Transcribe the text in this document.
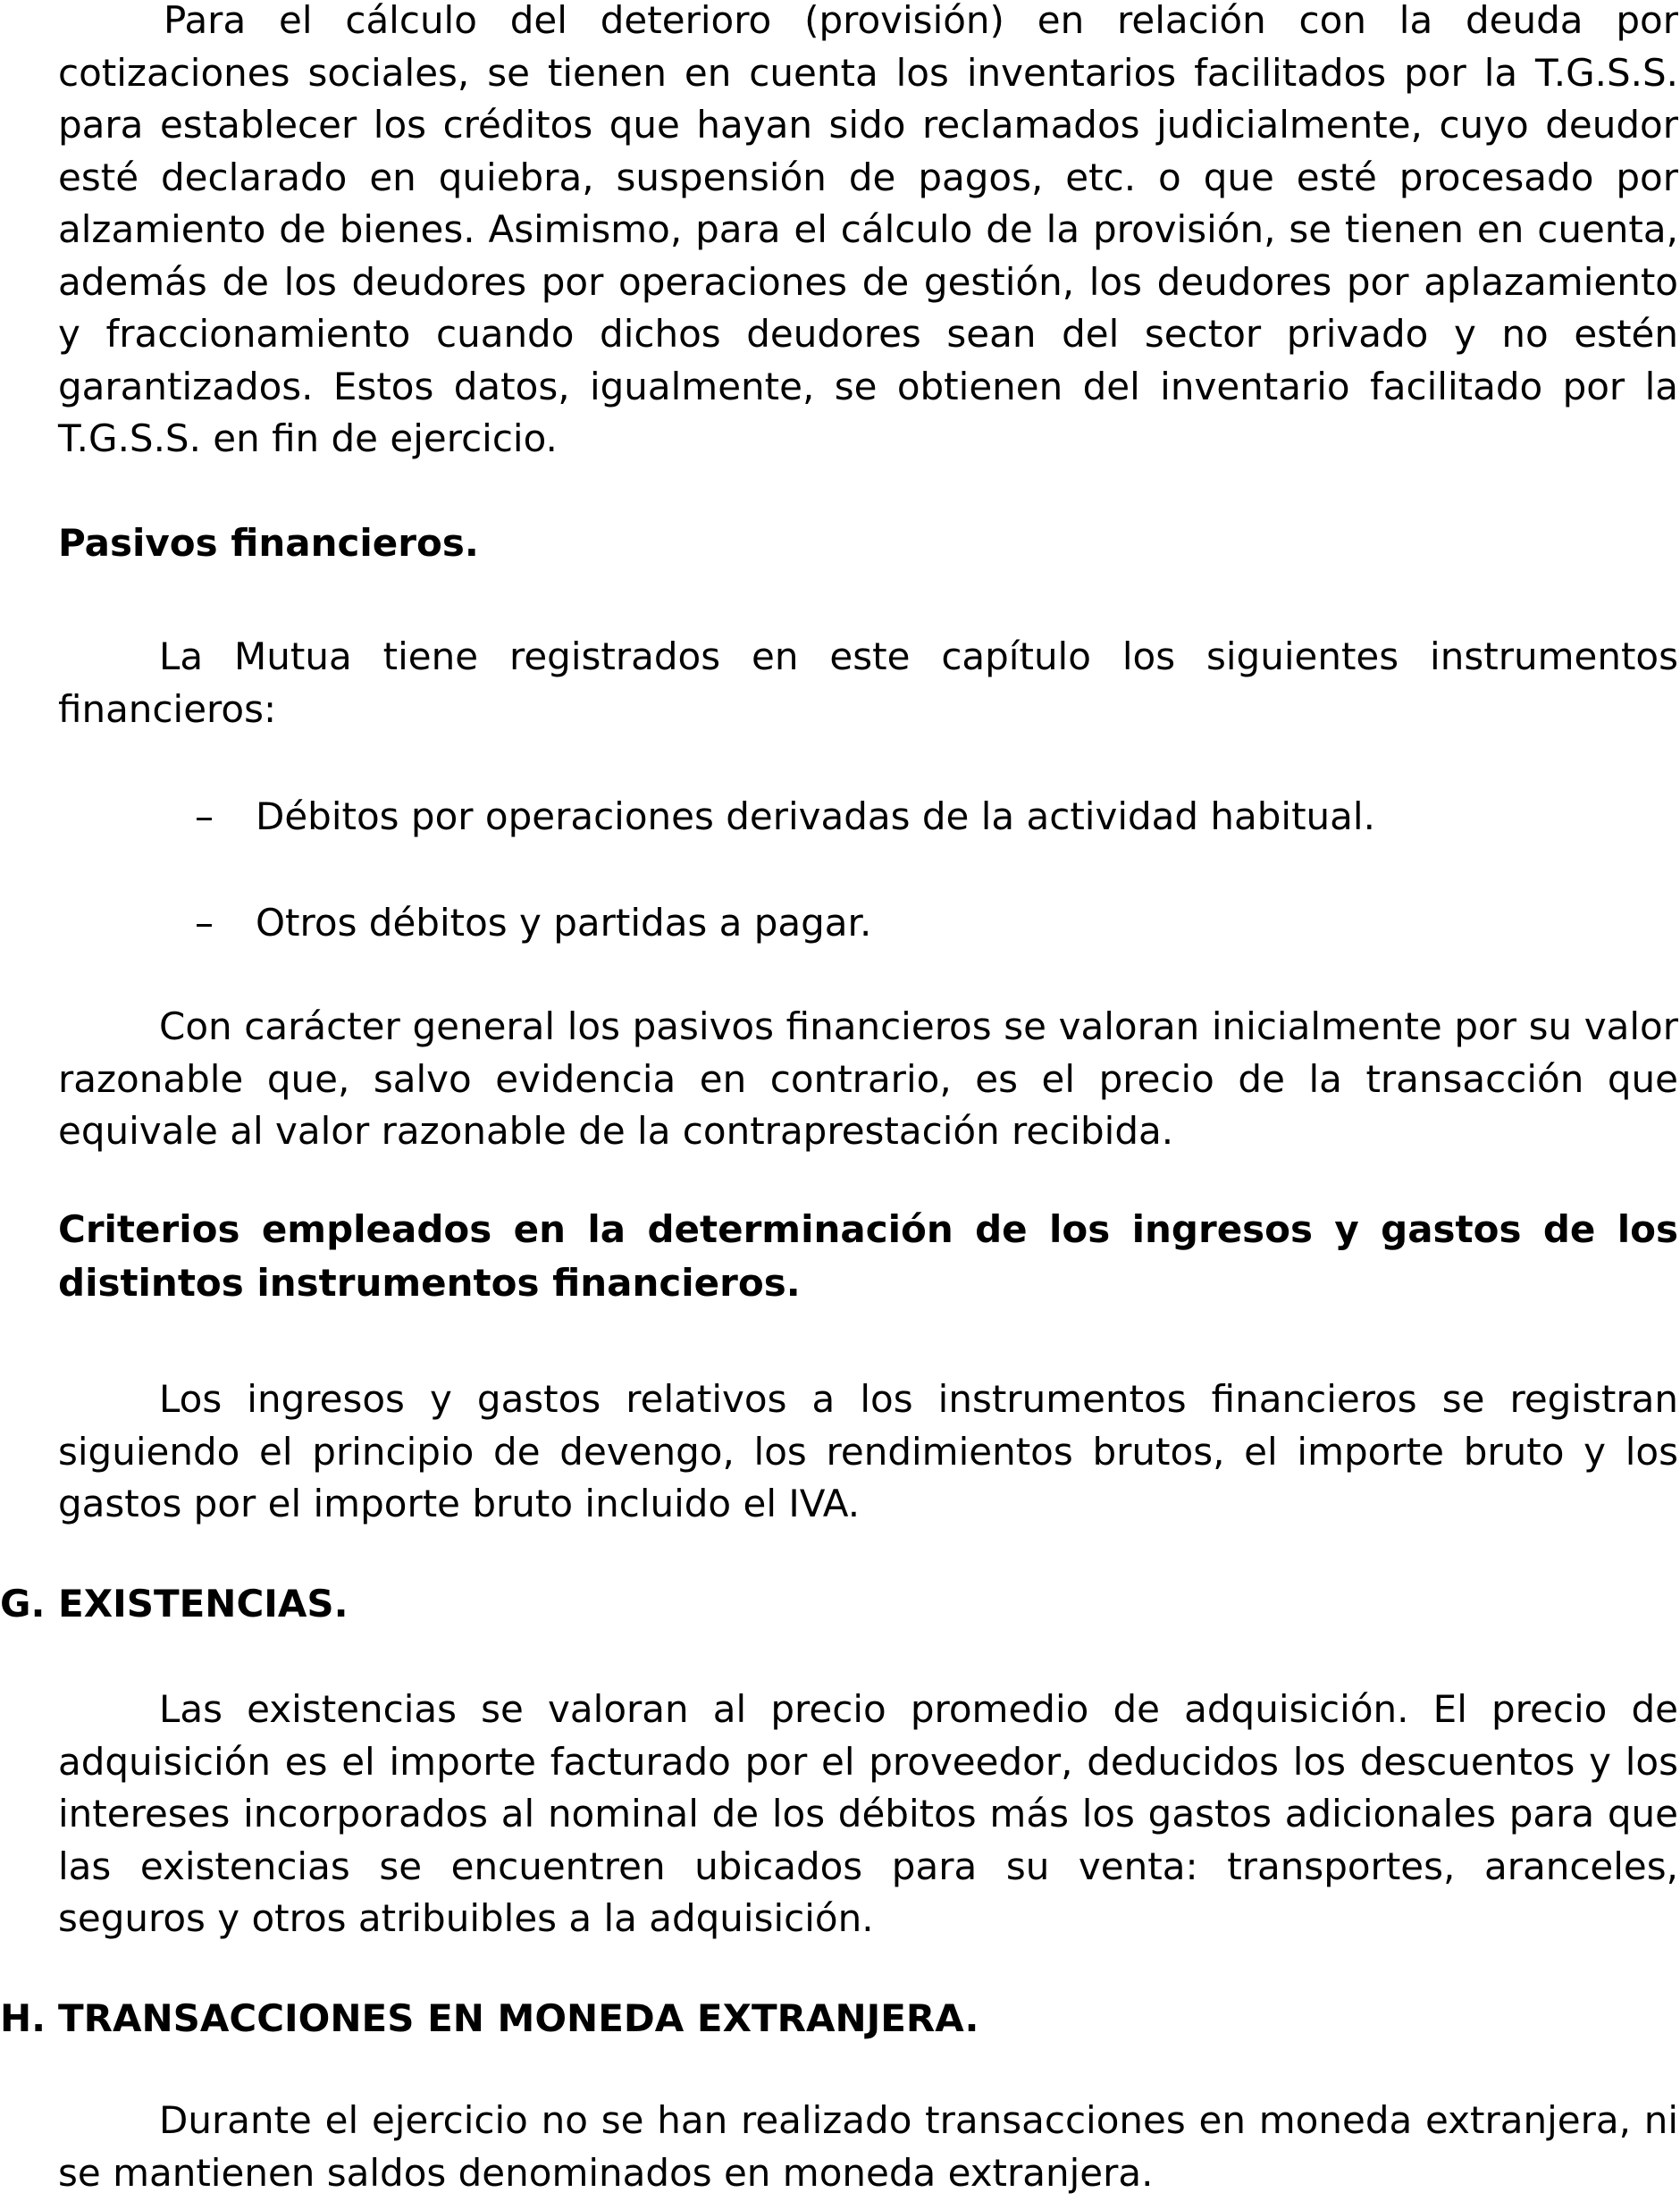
Para el cálculo del deterioro (provisión) en relación con la deuda por cotizaciones sociales, se tienen en cuenta los inventarios facilitados por la T.G.S.S. para establecer los créditos que hayan sido reclamados judicialmente, cuyo deudor esté declarado en quiebra, suspensión de pagos, etc. o que esté procesado por alzamiento de bienes. Asimismo, para el cálculo de la provisión, se tienen en cuenta, además de los deudores por operaciones de gestión, los deudores por aplazamiento y fraccionamiento cuando dichos deudores sean del sector privado y no estén garantizados. Estos datos, igualmente, se obtienen del inventario facilitado por la T.G.S.S. en fin de ejercicio.

Pasivos financieros.

La Mutua tiene registrados en este capítulo los siguientes instrumentos financieros:

– Débitos por operaciones derivadas de la actividad habitual.

– Otros débitos y partidas a pagar.

Con carácter general los pasivos financieros se valoran inicialmente por su valor razonable que, salvo evidencia en contrario, es el precio de la transacción que equivale al valor razonable de la contraprestación recibida.

Criterios empleados en la determinación de los ingresos y gastos de los distintos instrumentos financieros.

Los ingresos y gastos relativos a los instrumentos financieros se registran siguiendo el principio de devengo, los rendimientos brutos, el importe bruto y los gastos por el importe bruto incluido el IVA.

G. EXISTENCIAS.

Las existencias se valoran al precio promedio de adquisición. El precio de adquisición es el importe facturado por el proveedor, deducidos los descuentos y los intereses incorporados al nominal de los débitos más los gastos adicionales para que las existencias se encuentren ubicados para su venta: transportes, aranceles, seguros y otros atribuibles a la adquisición.

H. TRANSACCIONES EN MONEDA EXTRANJERA.

Durante el ejercicio no se han realizado transacciones en moneda extranjera, ni se mantienen saldos denominados en moneda extranjera.
